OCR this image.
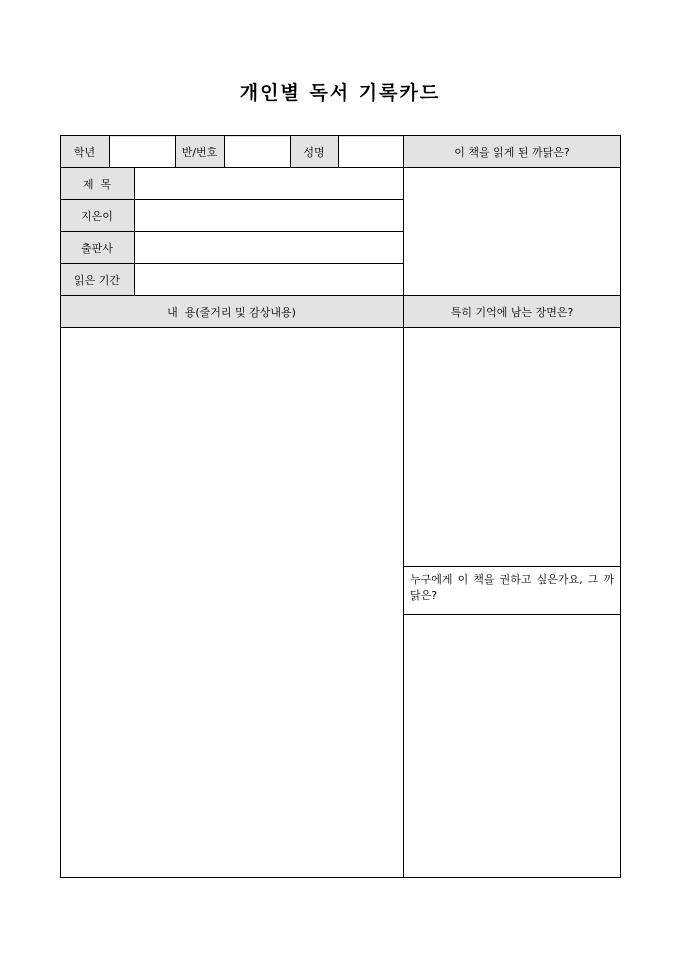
개인별 독서 기록카드
학년	반/번호	성명	이 책을 읽게 된 까닭은?
제  목
지은이
출판사
읽은 기간
내  용(줄거리 및 감상내용)	특히 기억에 남는 장면은?
누구에게 이 책을 권하고 싶은가요, 그 까닭은?
